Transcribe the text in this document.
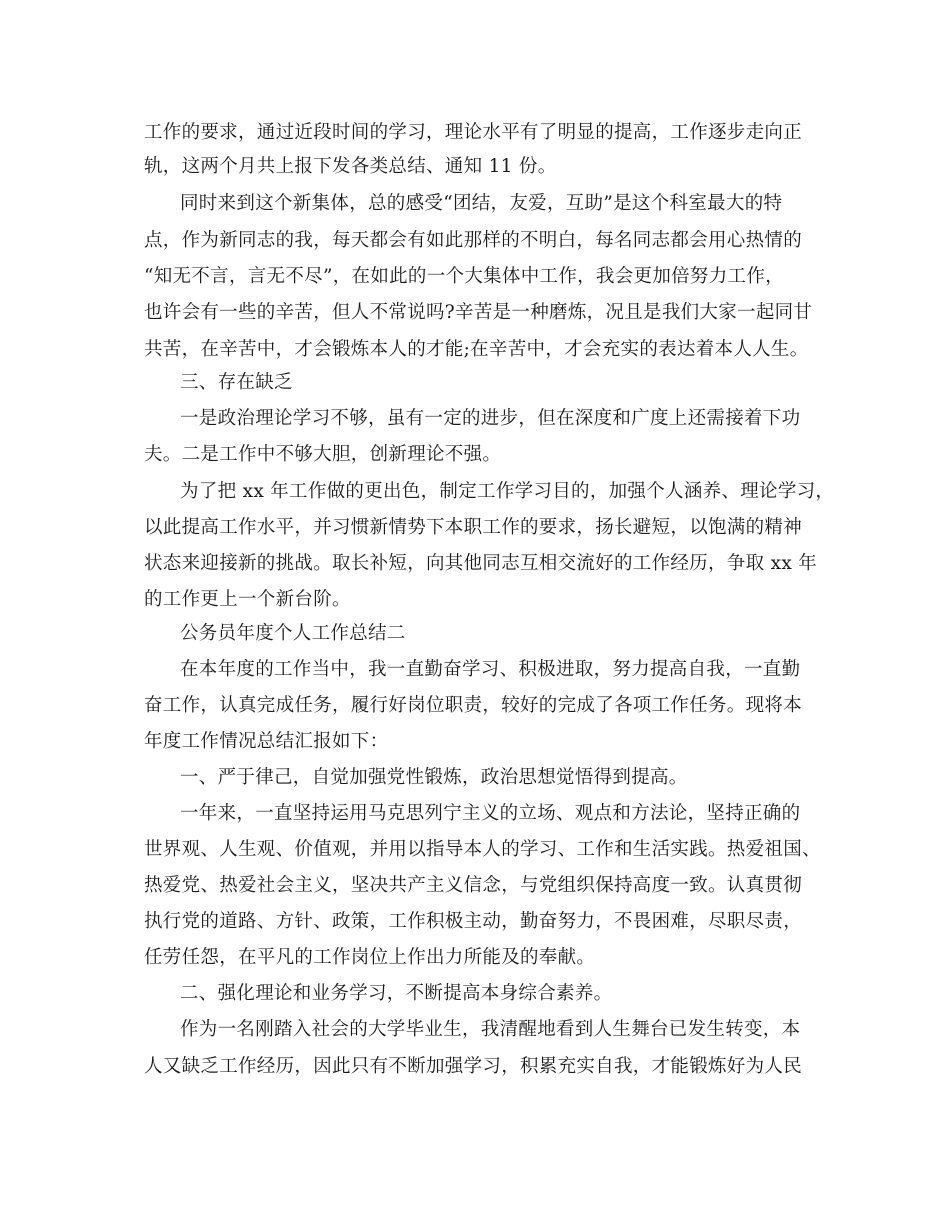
工作的要求，通过近段时间的学习，理论水平有了明显的提高，工作逐步走向正
轨，这两个月共上报下发各类总结、通知 11 份。
同时来到这个新集体，总的感受“团结，友爱，互助”是这个科室最大的特
点，作为新同志的我，每天都会有如此那样的不明白，每名同志都会用心热情的
“知无不言，言无不尽”，在如此的一个大集体中工作，我会更加倍努力工作，
也许会有一些的辛苦，但人不常说吗?辛苦是一种磨炼，况且是我们大家一起同甘
共苦，在辛苦中，才会锻炼本人的才能;在辛苦中，才会充实的表达着本人人生。
三、存在缺乏
一是政治理论学习不够，虽有一定的进步，但在深度和广度上还需接着下功
夫。二是工作中不够大胆，创新理论不强。
为了把 xx 年工作做的更出色，制定工作学习目的，加强个人涵养、理论学习，
以此提高工作水平，并习惯新情势下本职工作的要求，扬长避短，以饱满的精神
状态来迎接新的挑战。取长补短，向其他同志互相交流好的工作经历，争取 xx 年
的工作更上一个新台阶。
公务员年度个人工作总结二
在本年度的工作当中，我一直勤奋学习、积极进取，努力提高自我，一直勤
奋工作，认真完成任务，履行好岗位职责，较好的完成了各项工作任务。现将本
年度工作情况总结汇报如下：
一、严于律己，自觉加强党性锻炼，政治思想觉悟得到提高。
一年来，一直坚持运用马克思列宁主义的立场、观点和方法论，坚持正确的
世界观、人生观、价值观，并用以指导本人的学习、工作和生活实践。热爱祖国、
热爱党、热爱社会主义，坚决共产主义信念，与党组织保持高度一致。认真贯彻
执行党的道路、方针、政策，工作积极主动，勤奋努力，不畏困难，尽职尽责，
任劳任怨，在平凡的工作岗位上作出力所能及的奉献。
二、强化理论和业务学习，不断提高本身综合素养。
作为一名刚踏入社会的大学毕业生，我清醒地看到人生舞台已发生转变，本
人又缺乏工作经历，因此只有不断加强学习，积累充实自我，才能锻炼好为人民
